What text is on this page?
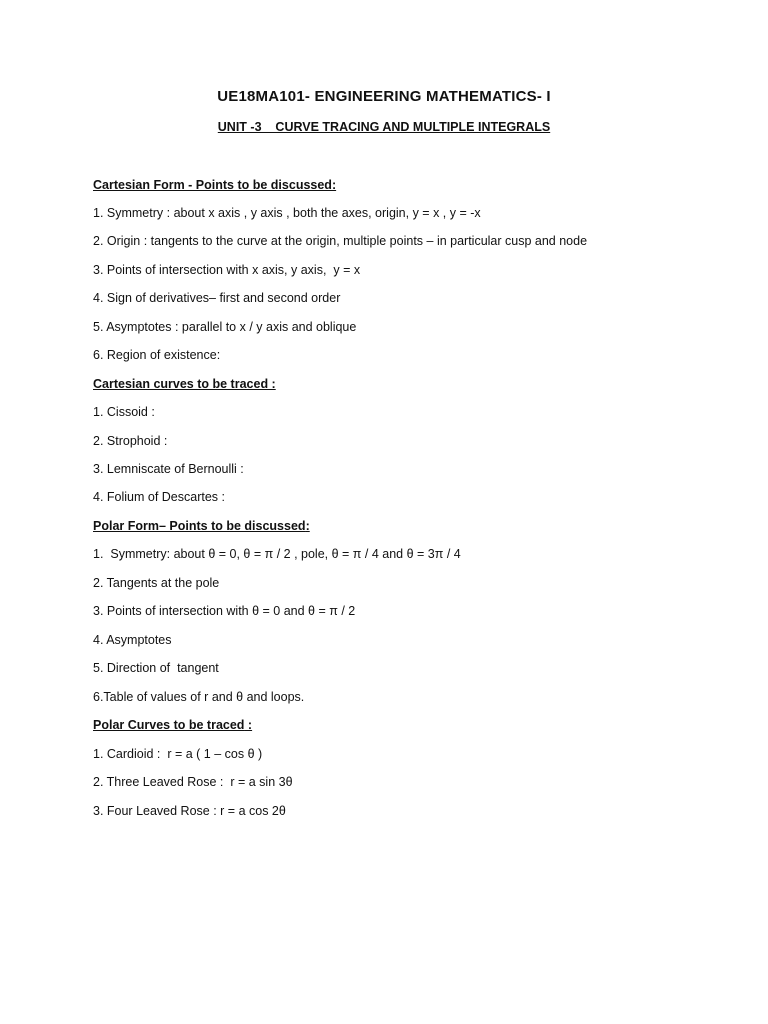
UE18MA101- ENGINEERING MATHEMATICS- I
UNIT -3    CURVE TRACING AND MULTIPLE INTEGRALS
Cartesian Form - Points to be discussed:
1. Symmetry : about x axis , y axis , both the axes, origin, y = x , y = -x
2. Origin : tangents to the curve at the origin, multiple points – in particular cusp and node
3. Points of intersection with x axis, y axis,  y = x
4. Sign of derivatives– first and second order
5. Asymptotes : parallel to x / y axis and oblique
6. Region of existence:
Cartesian curves to be traced :
1. Cissoid :
2. Strophoid :
3. Lemniscate of Bernoulli :
4. Folium of Descartes :
Polar Form– Points to be discussed:
1.  Symmetry: about θ = 0, θ = π / 2 , pole, θ = π / 4 and θ = 3π / 4
2. Tangents at the pole
3. Points of intersection with θ = 0 and θ = π / 2
4. Asymptotes
5. Direction of  tangent
6.Table of values of r and θ and loops.
Polar Curves to be traced :
1. Cardioid :  r = a ( 1 – cos θ )
2. Three Leaved Rose :  r = a sin 3θ
3. Four Leaved Rose : r = a cos 2θ
